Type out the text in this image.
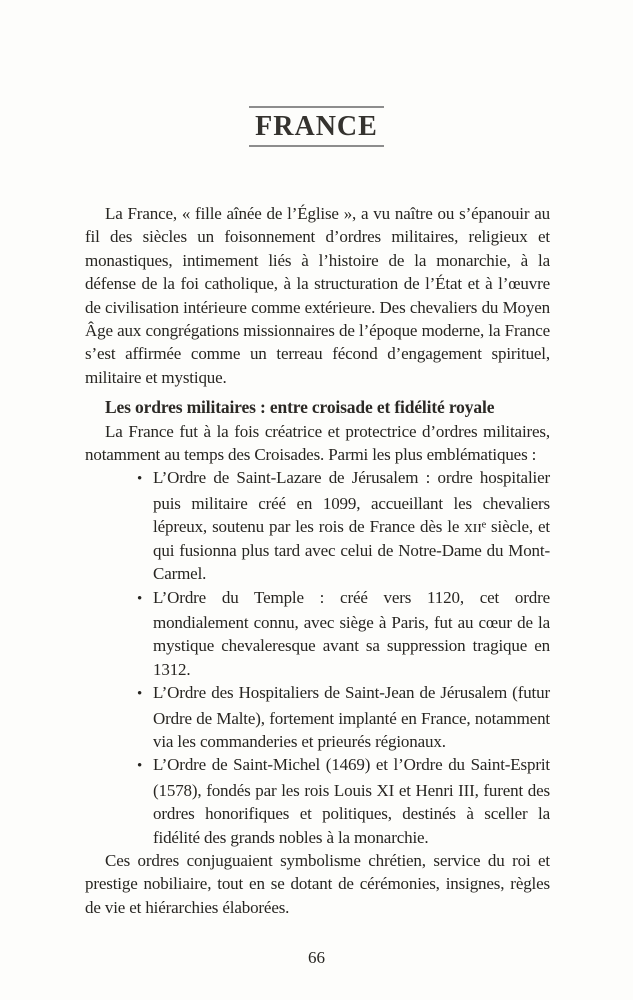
FRANCE

La France, « fille aînée de l’Église », a vu naître ou s’épanouir au fil des siècles un foisonnement d’ordres militaires, religieux et monastiques, intimement liés à l’histoire de la monarchie, à la défense de la foi catholique, à la structuration de l’État et à l’œuvre de civilisation intérieure comme extérieure. Des chevaliers du Moyen Âge aux congrégations missionnaires de l’époque moderne, la France s’est affirmée comme un terreau fécond d’engagement spirituel, militaire et mystique.

Les ordres militaires : entre croisade et fidélité royale

La France fut à la fois créatrice et protectrice d’ordres militaires, notamment au temps des Croisades. Parmi les plus emblématiques :

•L’Ordre de Saint-Lazare de Jérusalem : ordre hospitalier puis militaire créé en 1099, accueillant les chevaliers lépreux, soutenu par les rois de France dès le xɪɪᵉ siècle, et qui fusionna plus tard avec celui de Notre-Dame du Mont-Carmel.
•L’Ordre du Temple : créé vers 1120, cet ordre mondialement connu, avec siège à Paris, fut au cœur de la mystique chevaleresque avant sa suppression tragique en 1312.
•L’Ordre des Hospitaliers de Saint-Jean de Jérusalem (futur Ordre de Malte), fortement implanté en France, notamment via les commanderies et prieurés régionaux.
•L’Ordre de Saint-Michel (1469) et l’Ordre du Saint-Esprit (1578), fondés par les rois Louis XI et Henri III, furent des ordres honorifiques et politiques, destinés à sceller la fidélité des grands nobles à la monarchie.

Ces ordres conjuguaient symbolisme chrétien, service du roi et prestige nobiliaire, tout en se dotant de cérémonies, insignes, règles de vie et hiérarchies élaborées.

66
